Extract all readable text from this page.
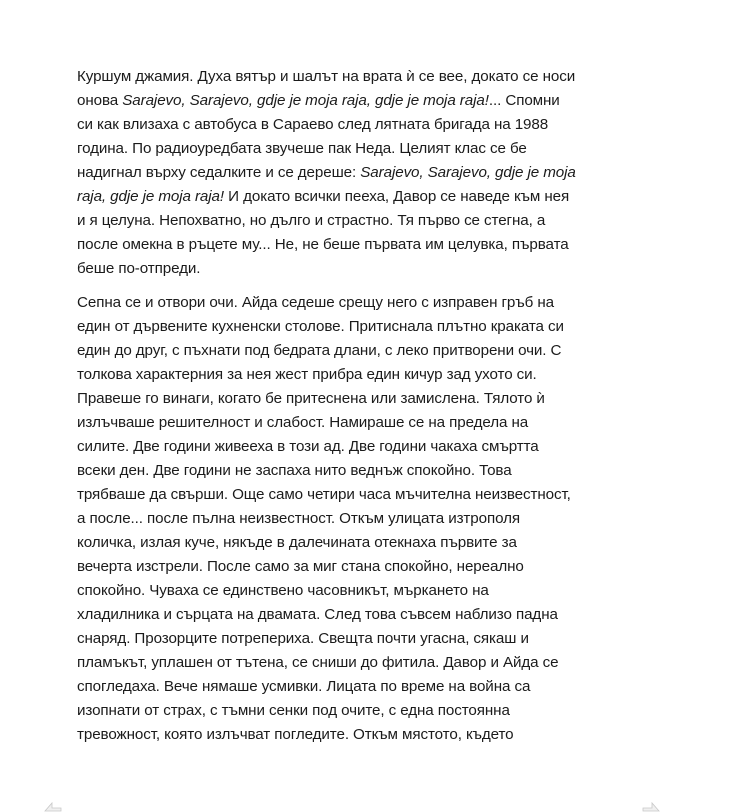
Куршум джамия. Духа вятър и шалът на врата ѝ се вее, докато се носи
онова Sarajevo, Sarajevo, gdje je moja raja, gdje je moja raja!... Спомни
си как влизаха с автобуса в Сараево след лятната бригада на 1988
година. По радиоуредбата звучеше пак Неда. Целият клас се бе
надигнал върху седалките и се дереше: Sarajevo, Sarajevo, gdje je moja
raja, gdje je moja raja! И докато всички пееха, Давор се наведе към нея
и я целуна. Непохватно, но дълго и страстно. Тя първо се стегна, а
после омекна в ръцете му... Не, не беше първата им целувка, първата
беше по-отпреди.

Сепна се и отвори очи. Айда седеше срещу него с изправен гръб на
един от дървените кухненски столове. Притиснала плътно краката си
един до друг, с пъхнати под бедрата длани, с леко притворени очи. С
толкова характерния за нея жест прибра един кичур зад ухото си.
Правеше го винаги, когато бе притеснена или замислена. Тялото ѝ
излъчваше решителност и слабост. Намираше се на предела на
силите. Две години живееха в този ад. Две години чакаха смъртта
всеки ден. Две години не заспаха нито веднъж спокойно. Това
трябваше да свърши. Още само четири часа мъчителна неизвестност,
а после... после пълна неизвестност. Откъм улицата изтрополя
количка, излая куче, някъде в далечината отекнаха първите за
вечерта изстрели. После само за миг стана спокойно, нереално
спокойно. Чуваха се единствено часовникът, мъркането на
хладилника и сърцата на двамата. След това съвсем наблизо падна
снаряд. Прозорците потреперихa. Свещта почти угасна, сякаш и
пламъкът, уплашен от тътена, се сниши до фитила. Давор и Айда се
спогледаха. Вече нямаше усмивки. Лицата по време на война са
изопнати от страх, с тъмни сенки под очите, с една постоянна
тревожност, която излъчват погледите. Откъм мястото, където
